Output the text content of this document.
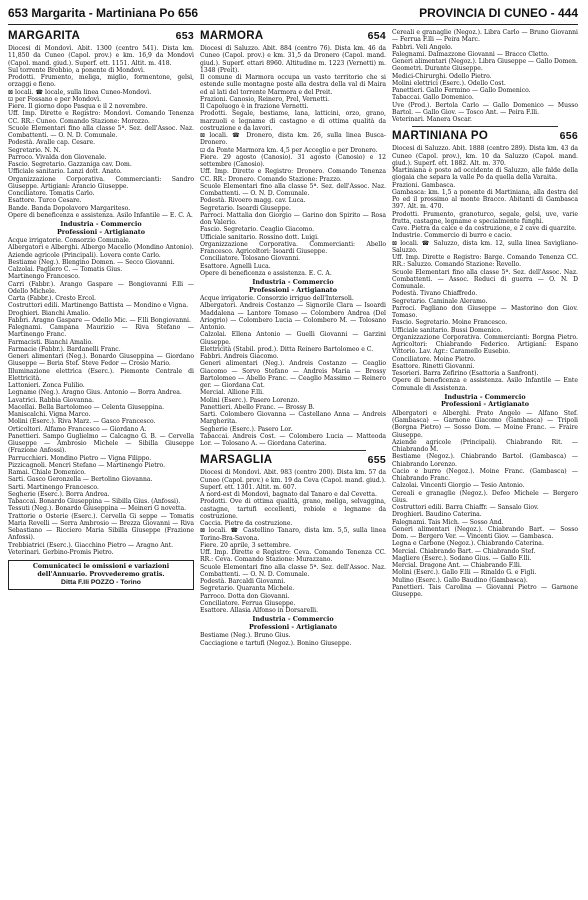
653 Margarita - Martiniana Po 656	PROVINCIA DI CUNEO - 444
MARGARITA	653

Diocesi di Mondovì. Abit. 1300 (centro 541). Dista km. 11,850 da Cuneo (Capol. prov.) e km. 16,9 da Mondovì (Capol. mand. giud.). Superf. ett. 1151. Altit. m. 418.
Sul torrente Brobbio, a ponente di Mondovì.
Prodotti. Frumento, meliga, miglio, formentone, gelsi, orzaggi e fieno.
⊠ locali. ☎ locale, sulla linea Cuneo-Mondovì.
⊡ per Fossano e per Mondovì.
Fiere. Il giorno dopo Pasqua e il 2 novembre.
Uff. Imp. Dirette e Registro: Mondovì. Comando Tenenza CC. RR.: Cuneo. Comando Stazione: Morozzo.
Scuole Elementari fino alla classe 5ª. Sez. dell'Assoc. Naz. Combattenti. — O. N. D. Comunale.
Podestà. Avalle cap. Cesare.
Segretario. N. N.
Parroco. Vivalda don Giovenale.
Fascio. Segretario. Gazzaniga cav. Dom.
Ufficiale sanitario. Lanzi dott. Anato.
Organizzazione Corporativa. Commercianti: Sandro Giuseppe. Artigiani: Arancio Giuseppe.
Conciliatore. Tomatis Carlo.
Esattore. Turco Cesare.
Bande. Banda Dopolavoro Margariteso.
Opere di beneficenza e assistenza. Asilo Infantile — E. C. A.

Industria - Commercio
Professioni - Artigianato

Acque irrigatorie. Consorzio Comunale.
Albergatori e Alberghi. Albergo Macello (Mondino Antonio).
Aziende agricole (Principali). Lovera conte Carlo.
Bestiame (Neg.). Blengino Domen. — Secco Giovanni.
Calzolai. Pagliero C. — Tomatis Gius.
Martinengo Francesco.
Carri (Fabbr.). Arango Gaspare — Bongiovanni F.lli — Odello Michele.
Carta (Fabbr.). Cresto Ercol.
Costruttori edili. Martinengo Battista — Mondino e Vigna.
Droghieri. Bianchi Amalio.
Fabbri. Aragno Gaspare — Odello Mic. — F.lli Bongiovanni.
Falegnami. Campana Maurizio — Riva Stefano — Martinengo Franc.
Farmacisti. Bianchi Amalio.
Farmacie (Fabbr.). Bardanelli Franc.
Generi alimentari (Neg.). Bonardo Giuseppina — Giordano Giuseppe — Beria Stef. Steve Fedor — Crosio Mario.
Illuminazione elettrica (Eserc.). Piemonte Centrale di Elettricità.
Lattonieri. Zonca Fulilio.
Legname (Neg.). Aragno Gius. Antonio — Borra Andrea.
Lavatrici. Rabbia Giovanna.
Macellai. Bella Bartolomeo — Celenta Giuseppina.
Maniscalchi. Vigna Marco.
Molini (Eserc.). Riva Marz. — Gasco Francesco.
Orticoltori. Alfamo Francesco — Giordano A.
Panettieri. Sampo Guglielmo — Calcagno G. B. — Cervella Giuseppe — Ambrosio Michele — Sibilla Giuseppe (Frazione Anfossi).
Parrucchieri. Mondino Pietro — Vigna Filippo.
Pizzicagnoli. Mencri Stefano — Martinengo Pietro.
Ramai. Chiale Domenico.
Sarti. Gasco Geronzella — Bertolino Giovanna.
Sarti. Martinengo Francesco.
Segherie (Eserc.). Borra Andrea.
Tabaccai. Bonardo Giuseppina — Sibilla Gius. (Anfossi).
Tessuti (Neg.). Bonardo Giuseppina — Meineri G novetta.
Trattorie o Osterie (Eserc.). Cervella Gi seppe — Tomatis Maria Revelli — Serra Ambrosio — Brezza Giovanni — Riva Sebastiano — Ricciero Maria Sibilla Giuseppe (Frazione Anfossi).
Trebbiatrici (Eserc.). Giacchino Pietro — Aragno Ant.
Veterinari. Gerbino-Promis Pietro.

Comunicateci le omissioni e variazioni dell'Annuario. Provvederemo gratis.
Ditta F.lli POZZO - Torino
MARMORA	654

Diocesi di Saluzzo. Abit. 884 (centro 76). Dista km. 46 da Cuneo (Capol. prov.) e km. 31,5 da Dronero (Capol. mand. giud.). Superf. ettari 8960. Altitudine m. 1223 (Vernetti) m. 1348 (Preit).
Il comune di Marmora occupa un vasto territorio che si estende sulle montagne poste alla destra della val di Maira ed al lati del torrente Marmora e del Preit.
Frazioni. Canosio, Reinero, Prel, Vernetti.
Il Capoluogo è in frazione Vernetti.
Prodotti. Segale, bestiame, lana, latticini, orzo, grano, marzuoli e legname di castagno e di ottima qualità da costruzione e da lavori.
⊠ locali. ☎ Dronero, dista km. 26, sulla linea Busca-Dronero.
⊡ da Ponte Marmora km. 4,5 per Acceglio e per Dronero.
Fiere. 29 agosto (Canosio). 31 agosto (Canosio) e 12 settembre (Canosio).
Uff. Imp. Dirette e Registro: Dronero. Comando Tenenza CC. RR.: Dronero. Comando Stazione: Prazzo.
Scuole Elementari fino alla classe 5ª. Sez. dell'Assoc. Naz. Combattenti. — O. N. D. Comunale.
Podestà. Rivoero magg. cav. Luca.
Segretario. Isoardi Giuseppe.
Parroci. Mattalia don Giorgio — Garino don Spirito — Rosa don Valerio.
Fascio. Segretario. Ceaglio Giacomo.
Ufficiale sanitario. Rossino dott. Luigi.
Organizzazione Corporativa. Commercianti: Abello Francesco. Agricoltori: Isoardi Giuseppe.
Conciliatore. Tolosano Giovanni.
Esattore. Agnelli Luca.
Opere di beneficenza e assistenza. E. C. A.

Industria - Commercio
Professioni - Artigianato

Acque irrigatorie. Consorzio irriguo dell'Intersoli.
Albergatori. Andreis Costanzo — Signorile Clara — Isoardi Maddalena — Lantore Tomaso — Colombero Andrea (Del Ariogrio) — Colombero Lucia — Colombero M. — Tolosano Antonio.
Calzolai. Ellena Antonio — Guelli Giovanni — Garzini Giuseppe.
Elettricità (Stabil. prod.). Ditta Reinero Bartolomeo e C.
Fabbri. Andreis Giacomo.
Generi alimentari (Neg.). Andreis Costanzo — Ceaglio Giacomo — Sorvo Stefano — Andreis Maria — Brossy Bartolomeo — Abello Franc. — Ceaglio Massimo — Reinero ger. — Giordana Cat.
Mercial. Allione F.lli.
Molini (Eserc.). Pasero Lorenzo.
Panettieri. Abello Franc. — Brossy B.
Sarti. Colombero Giovanna — Castellano Anna — Andreis Margherita.
Segherie (Eserc.). Pasero Lor.
Tabaccai. Andreis Cost. — Colombero Lucia — Matteoda Lor. — Tolosano A. — Giordana Caterina.

MARSAGLIA	655

Diocesi di Mondovì. Abit. 983 (centro 200). Dista km. 57 da Cuneo (Capol. prov.) e km. 19 da Ceva (Capol. mand. giud.). Superf. ett. 1301. Altit. m. 607.
A nord-est di Mondovì, bagnato dal Tanaro e dal Cevetta.
Prodotti. Ove di ottima qualità, grano, meliga, selvaggina, castagne, tartufi eccellenti, robiole e legname da costruzione.
Caccia. Pietre da costruzione.
⊠ locali. ☎ Castellino Tanaro, dista km. 5,5, sulla linea Torino-Bra-Savona.
Fiere. 20 aprile, 3 settembre.
Uff. Imp. Dirette e Registro: Ceva. Comando Tenenza CC. RR.: Ceva. Comando Stazione: Murazzano.
Scuole Elementari fino alla classe 5ª. Sez. dell'Assoc. Naz. Combattenti. — O. N. D. Comunale.
Podestà. Barcaldi Giovanni.
Segretario. Quaranta Michele.
Parroco. Dotta don Giovanni.
Conciliatore. Ferrua Giuseppe.
Esattore. Allasia Alfonso in Dorsarelli.

Industria - Commercio
Professioni - Artigianato

Bestiame (Neg.). Bruno Gius.
Cacciagione e tartufi (Negoz.). Bonino Giuseppe.

Cereali e granaglie (Negoz.). Libra Carlo — Bruno Giovanni — Ferrua F.lli — Peira Marc.
Fabbri. Veli Angelo.
Falegnami. Dalmazzone Giovanni — Bracco Cletto.
Generi alimentari (Negoz.). Libra Giuseppe — Gallo Domen.
Geometri. Durante Giuseppe.
Medici-Chirurghi. Odello Pietro.
Molini elettrici (Eserc.). Odello Cost.
Panettieri. Gallo Fermino — Gallo Domenico.
Tabaccai. Gallo Domenico.
Uve (Prod.). Bertola Carlo — Gallo Domenico — Musso Bartol. — Gallo Giov. — Tosco Ant. — Peira F.lli.
Veterinari. Manera Oscar.

MARTINIANA PO	656

Diocesi di Saluzzo. Abit. 1888 (centro 289). Dista km. 43 da Cuneo (Capol. prov.), km. 10 da Saluzzo (Capol. mand. giud.). Superf. ett. 1882. Alt. m. 370.
Martiniana è posto ad occidente di Saluzzo, alle falde della giogaia che separa la valle Po da quella della Varaita.
Frazioni. Gambasca.
Gambasca: km. 1,5 a ponente di Martiniana, alla destra del Po ed il prossimo al monte Bracco. Abitanti di Gambasca 397. Alt. m. 470.
Prodotti. Frumento, granoturco, segale, gelsi, uve, varie frutta, castagne, legname e specialmente funghi.
Cave. Pietra da calce e da costruzione, e 2 cave di quarzite.
Industrie. Commercio di burro e cacio.
⊠ locali. ☎ Saluzzo, dista km. 12, sulla linea Savigliano-Saluzzo.
Uff. Imp. Dirette e Registro: Barge. Comando Tenenza CC. RR.: Saluzzo. Comando Stazione: Revello.
Scuole Elementari fino alla classe 5ª. Sez. dell'Assoc. Naz. Combattenti. — Assoc. Reduci di guerra — O. N. D Comunale.
Podestà. Tivano Chiaffredo.
Segretario. Caminale Aleramo.
Parroci. Pagliano don Giuseppe — Mastorino don Giov. Tomaso.
Fascio. Segretario. Moine Francesco.
Ufficiale sanitario. Bussi Domenico.
Organizzazione Corporativa. Commercianti: Borgna Pietro. Agricoltori: Chiabrando Federico. Artigiani: Espano Vittorio. Lav. Agr.: Caramello Eusebio.
Conciliatore. Moine Pietro.
Esattore. Rinetti Giovanni.
Tesorieri. Barra Zefirino (Esattoria a Sanfront).
Opere di beneficenza e assistenza. Asilo Infantile — Ente Comunale di Assistenza.

Industria - Commercio
Professioni - Artigianato

Albergatori e Alberghi. Prato Angelo — Alfano Stef. (Gambasca) — Garnone Giacomo (Gambasca) — Tripoli (Borgna Pietro) — Sosso Dom. — Moine Franc. — Fraire Giuseppe.
Aziende agricole (Principali). Chiabrando Rit. — Chiabrando M.
Bestiame (Negoz.). Chiabrando Bartol. (Gambasca) — Chiabrando Lorenzo.
Cacio e burro (Negoz.). Moine Franc. (Gambasca) — Chiabrando Franc.
Calzolai. Vincenti Giorgio — Tesio Antonio.
Cereali e granaglie (Negoz.). Defeo Michele — Bergero Gius.
Costruttori edili. Barra Chiaffr. — Sansalo Giov.
Droghieri. Baudino Caterina.
Falegnami. Tais Mich. — Sosso And.
Generi alimentari (Negoz.). Chiabrando Bart. — Sosso Dom. — Bergero Ver. — Vincenti Giov. — Gambasca.
Legna e Carbone (Negoz.). Chiabrando Caterina.
Mercial. Chiabrando Bart. — Chiabrando Stef.
Magliere (Eserc.). Sodano Gius. — Gallo F.lli.
Mercial. Dragone Ant. — Chiabrando F.lli.
Molini (Eserc.). Gallo F.lli — Rinaldo G. e Figli.
Mulino (Eserc.). Gallo Baudino (Gambasca).
Panettieri. Tais Carolina — Giovanni Pietro — Garnone Giuseppe.
